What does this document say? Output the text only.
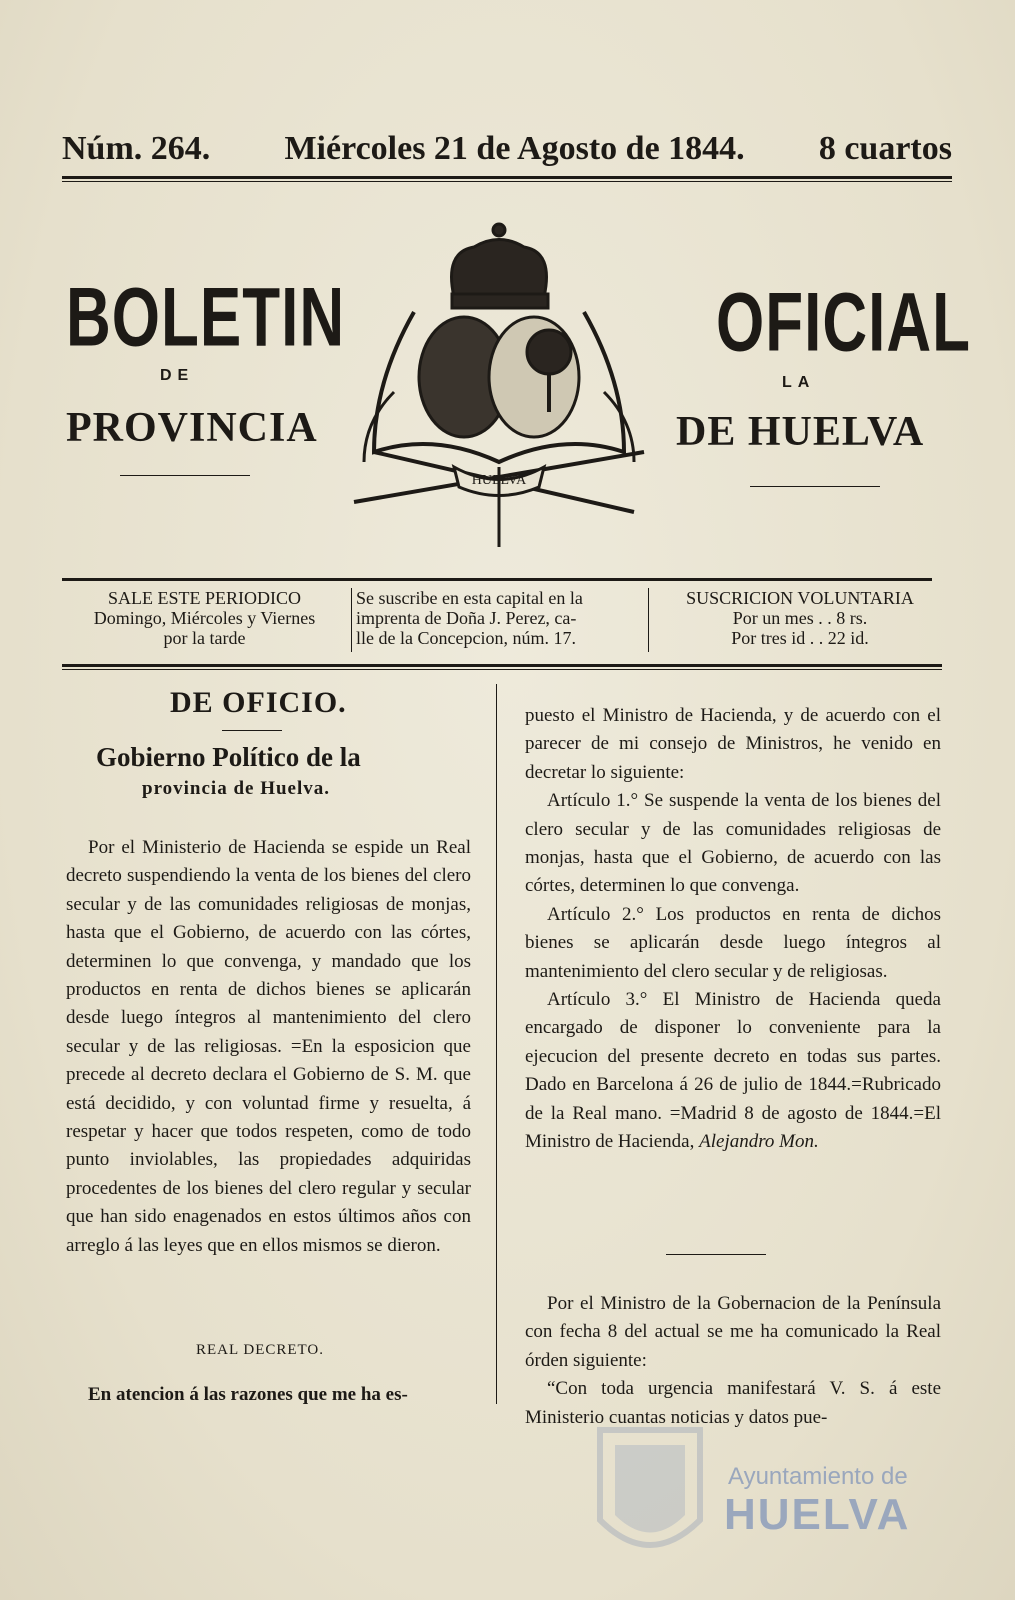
Núm. 264. Miércoles 21 de Agosto de 1844. 8 cuartos
BOLETIN	OFICIAL
DE	LA
PROVINCIA	DE HUELVA
HUELVA
SALE ESTE PERIODICO
Domingo, Miércoles y Viernes
por la tarde
Se suscribe en esta capital en la
imprenta de Doña J. Perez, ca-
lle de la Concepcion, núm. 17.
SUSCRICION VOLUNTARIA
Por un mes . . 8 rs.
Por tres id . . 22 id.
DE OFICIO.
Gobierno Político de la
provincia de Huelva.

Por el Ministerio de Hacienda se espide un Real decreto suspendiendo la venta de los bienes del clero secular y de las comunidades religiosas de monjas, hasta que el Gobierno, de acuerdo con las córtes, determinen lo que convenga, y mandado que los productos en renta de dichos bienes se aplicarán desde luego íntegros al mantenimiento del clero secular y de las religiosas. =En la esposicion que precede al decreto declara el Gobierno de S. M. que está decidido, y con voluntad firme y resuelta, á respetar y hacer que todos respeten, como de todo punto inviolables, las propiedades adquiridas procedentes de los bienes del clero regular y secular que han sido enagenados en estos últimos años con arreglo á las leyes que en ellos mismos se dieron.

REAL DECRETO.
En atencion á las razones que me ha es-

puesto el Ministro de Hacienda, y de acuerdo con el parecer de mi consejo de Ministros, he venido en decretar lo siguiente:

Artículo 1.° Se suspende la venta de los bienes del clero secular y de las comunidades religiosas de monjas, hasta que el Gobierno, de acuerdo con las córtes, determinen lo que convenga.

Artículo 2.° Los productos en renta de dichos bienes se aplicarán desde luego íntegros al mantenimiento del clero secular y de religiosas.

Artículo 3.° El Ministro de Hacienda queda encargado de disponer lo conveniente para la ejecucion del presente decreto en todas sus partes. Dado en Barcelona á 26 de julio de 1844.=Rubricado de la Real mano. =Madrid 8 de agosto de 1844.=El Ministro de Hacienda, Alejandro Mon.

Por el Ministro de la Gobernacion de la Península con fecha 8 del actual se me ha comunicado la Real órden siguiente:

“Con toda urgencia manifestará V. S. á este Ministerio cuantas noticias y datos pue-

Ayuntamiento de
HUELVA
